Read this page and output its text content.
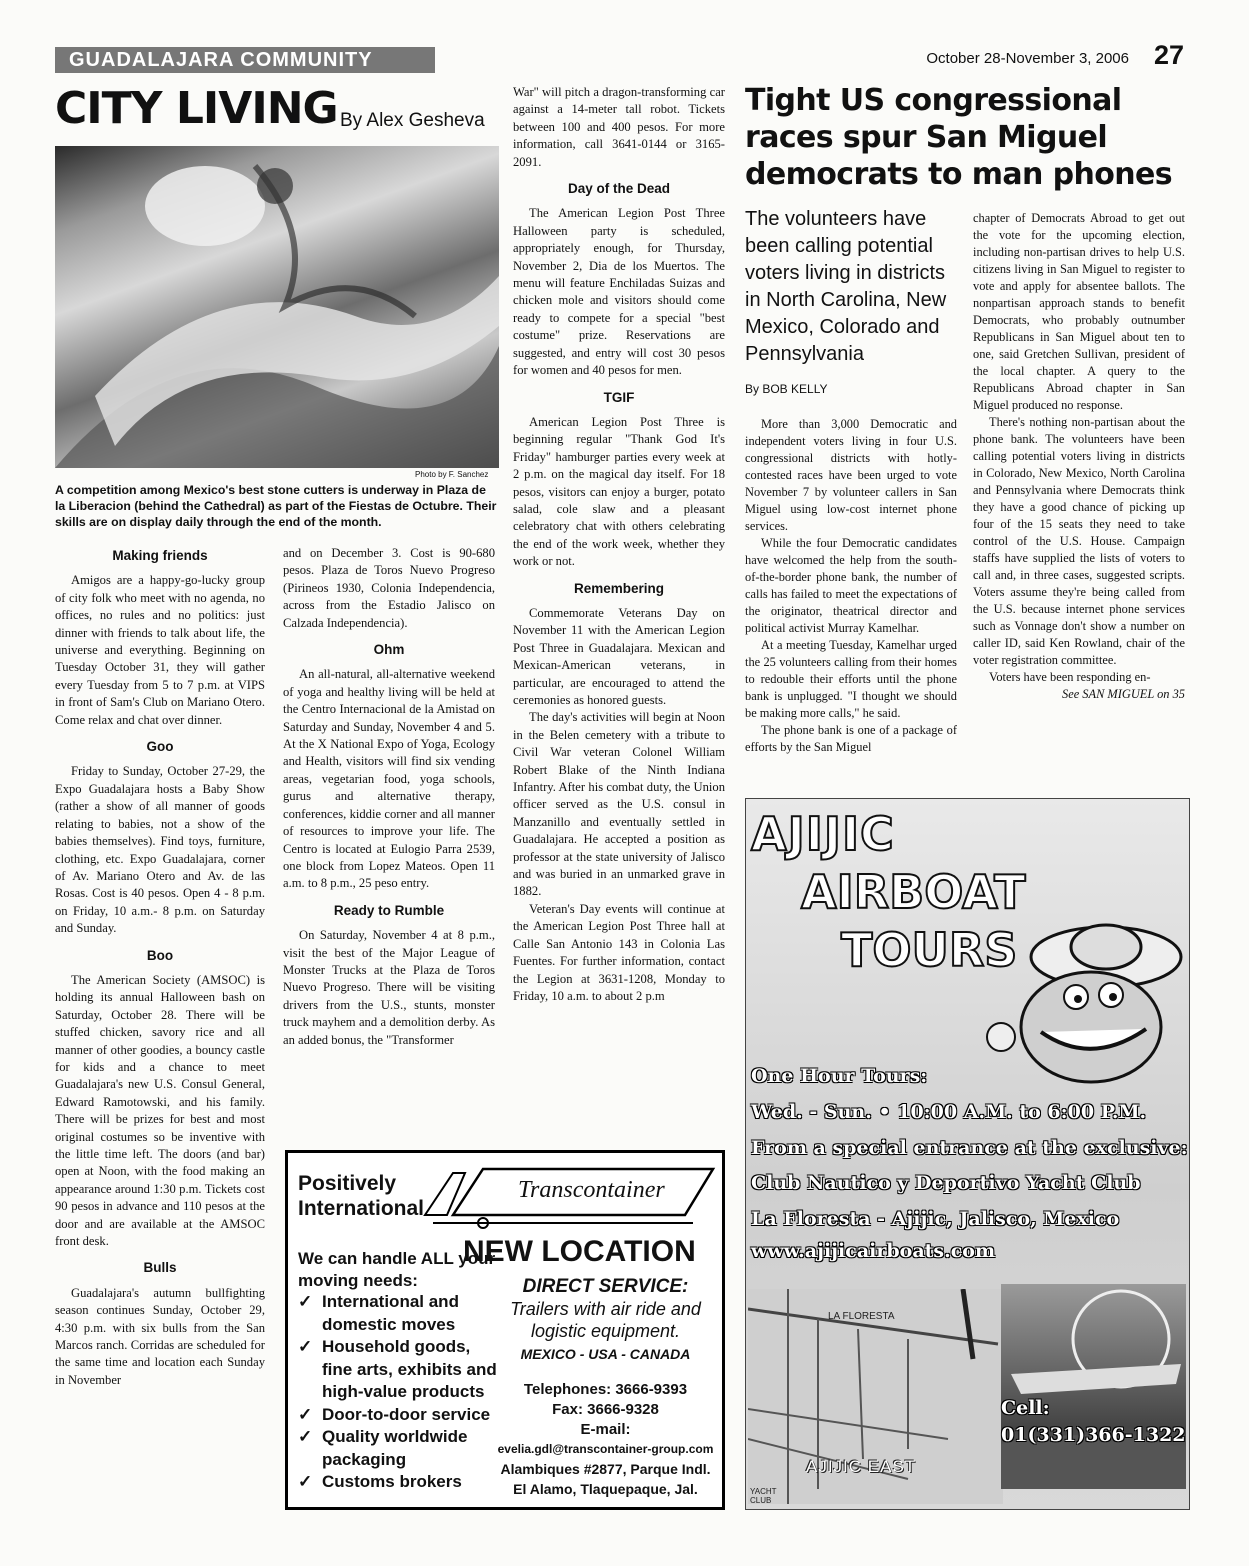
GUADALAJARA COMMUNITY	October 28-November 3, 2006 27
CITY LIVING By Alex Gesheva
Photo by F. Sanchez
A competition among Mexico's best stone cutters is underway in Plaza de la Liberacion (behind the Cathedral) as part of the Fiestas de Octubre. Their skills are on display daily through the end of the month.
Making friends

Amigos are a happy-go-lucky group of city folk who meet with no agenda, no offices, no rules and no politics: just dinner with friends to talk about life, the universe and everything. Beginning on Tuesday October 31, they will gather every Tuesday from 5 to 7 p.m. at VIPS in front of Sam's Club on Mariano Otero. Come relax and chat over dinner.

Goo

Friday to Sunday, October 27-29, the Expo Guadalajara hosts a Baby Show (rather a show of all manner of goods relating to babies, not a show of the babies themselves). Find toys, furniture, clothing, etc. Expo Guadalajara, corner of Av. Mariano Otero and Av. de las Rosas. Cost is 40 pesos. Open 4 - 8 p.m. on Friday, 10 a.m.- 8 p.m. on Saturday and Sunday.

Boo

The American Society (AMSOC) is holding its annual Halloween bash on Saturday, October 28. There will be stuffed chicken, savory rice and all manner of other goodies, a bouncy castle for kids and a chance to meet Guadalajara's new U.S. Consul General, Edward Ramotowski, and his family. There will be prizes for best and most original costumes so be inventive with the little time left. The doors (and bar) open at Noon, with the food making an appearance around 1:30 p.m. Tickets cost 90 pesos in advance and 110 pesos at the door and are available at the AMSOC front desk.

Bulls

Guadalajara's autumn bullfighting season continues Sunday, October 29, 4:30 p.m. with six bulls from the San Marcos ranch. Corridas are scheduled for the same time and location each Sunday in November

and on December 3. Cost is 90-680 pesos. Plaza de Toros Nuevo Progreso (Pirineos 1930, Colonia Independencia, across from the Estadio Jalisco on Calzada Independencia).

Ohm

An all-natural, all-alternative weekend of yoga and healthy living will be held at the Centro Internacional de la Amistad on Saturday and Sunday, November 4 and 5. At the X National Expo of Yoga, Ecology and Health, visitors will find six vending areas, vegetarian food, yoga schools, gurus and alternative therapy, conferences, kiddie corner and all manner of resources to improve your life. The Centro is located at Eulogio Parra 2539, one block from Lopez Mateos. Open 11 a.m. to 8 p.m., 25 peso entry.

Ready to Rumble

On Saturday, November 4 at 8 p.m., visit the best of the Major League of Monster Trucks at the Plaza de Toros Nuevo Progreso. There will be visiting drivers from the U.S., stunts, monster truck mayhem and a demolition derby. As an added bonus, the "Transformer

War" will pitch a dragon-transforming car against a 14-meter tall robot. Tickets between 100 and 400 pesos. For more information, call 3641-0144 or 3165-2091.

Day of the Dead

The American Legion Post Three Halloween party is scheduled, appropriately enough, for Thursday, November 2, Dia de los Muertos. The menu will feature Enchiladas Suizas and chicken mole and visitors should come ready to compete for a special "best costume" prize. Reservations are suggested, and entry will cost 30 pesos for women and 40 pesos for men.

TGIF

American Legion Post Three is beginning regular "Thank God It's Friday" hamburger parties every week at 2 p.m. on the magical day itself. For 18 pesos, visitors can enjoy a burger, potato salad, cole slaw and a pleasant celebratory chat with others celebrating the end of the work week, whether they work or not.

Remembering

Commemorate Veterans Day on November 11 with the American Legion Post Three in Guadalajara. Mexican and Mexican-American veterans, in particular, are encouraged to attend the ceremonies as honored guests.

The day's activities will begin at Noon in the Belen cemetery with a tribute to Civil War veteran Colonel William Robert Blake of the Ninth Indiana Infantry. After his combat duty, the Union officer served as the U.S. consul in Manzanillo and eventually settled in Guadalajara. He accepted a position as professor at the state university of Jalisco and was buried in an unmarked grave in 1882.

Veteran's Day events will continue at the American Legion Post Three hall at Calle San Antonio 143 in Colonia Las Fuentes. For further information, contact the Legion at 3631-1208, Monday to Friday, 10 a.m. to about 2 p.m

Tight US congressional races spur San Miguel democrats to man phones
The volunteers have been calling potential voters living in districts in North Carolina, New Mexico, Colorado and Pennsylvania
By BOB KELLY

More than 3,000 Democratic and independent voters living in four U.S. congressional districts with hotly-contested races have been urged to vote November 7 by volunteer callers in San Miguel using low-cost internet phone services.

While the four Democratic candidates have welcomed the help from the south-of-the-border phone bank, the number of calls has failed to meet the expectations of the originator, theatrical director and political activist Murray Kamelhar.

At a meeting Tuesday, Kamelhar urged the 25 volunteers calling from their homes to redouble their efforts until the phone bank is unplugged. "I thought we should be making more calls," he said.

The phone bank is one of a package of efforts by the San Miguel

chapter of Democrats Abroad to get out the vote for the upcoming election, including non-partisan drives to help U.S. citizens living in San Miguel to register to vote and apply for absentee ballots. The nonpartisan approach stands to benefit Democrats, who probably outnumber Republicans in San Miguel about ten to one, said Gretchen Sullivan, president of the local chapter. A query to the Republicans Abroad chapter in San Miguel produced no response.

There's nothing non-partisan about the phone bank. The volunteers have been calling potential voters living in districts in Colorado, New Mexico, North Carolina and Pennsylvania where Democrats think they have a good chance of picking up four of the 15 seats they need to take control of the U.S. House. Campaign staffs have supplied the lists of voters to call and, in three cases, suggested scripts. Voters assume they're being called from the U.S. because internet phone services such as Vonnage don't show a number on caller ID, said Ken Rowland, chair of the voter registration committee.

Voters have been responding en-

See SAN MIGUEL on 35
Positively International
Transcontainer
NEW LOCATION
We can handle ALL your moving needs:
✓ International and domestic moves
✓ Household goods, fine arts, exhibits and high-value products
✓ Door-to-door service
✓ Quality worldwide packaging
✓ Customs brokers
DIRECT SERVICE:
Trailers with air ride and logistic equipment.
MEXICO - USA - CANADA
Telephones: 3666-9393
Fax: 3666-9328
E-mail:
evelia.gdl@transcontainer-group.com
Alambiques #2877, Parque Indl.
El Alamo, Tlaquepaque, Jal.
AJIJIC
AIRBOAT
TOURS
One Hour Tours:
Wed. - Sun. • 10:00 A.M. to 6:00 P.M.
From a special entrance at the exclusive:
Club Nautico y Deportivo Yacht Club
La Floresta - Ajijic, Jalisco, Mexico
www.ajijicairboats.com
LA FLORESTA
YACHT CLUB
AJIJIC EAST
Cell:
01(331)366-1322
